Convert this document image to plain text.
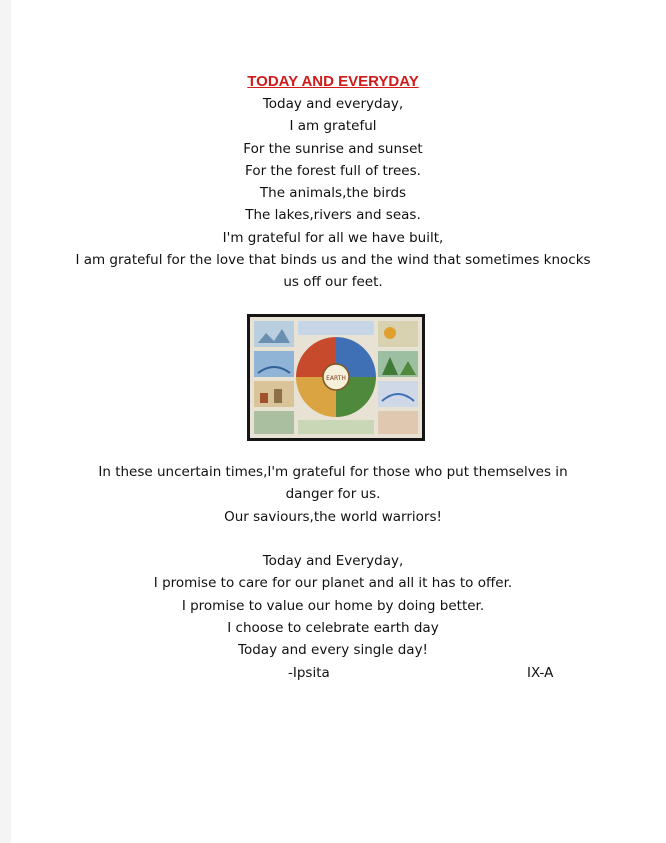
TODAY AND EVERYDAY
Today and everyday,
I am grateful
For the sunrise and sunset
For the forest full of trees.
The animals,the birds
The lakes,rivers and seas.
I'm grateful for all we have built,
I am grateful for the love that binds us and the wind that sometimes knocks
us off our feet.
EARTH
In these uncertain times,I'm grateful for those who put themselves in
danger for us.
Our saviours,the world warriors!
Today and Everyday,
I promise to care for our planet and all it has to offer.
I promise to value our home by doing better.
I choose to celebrate earth day
Today and every single day!
-Ipsita	IX-A
